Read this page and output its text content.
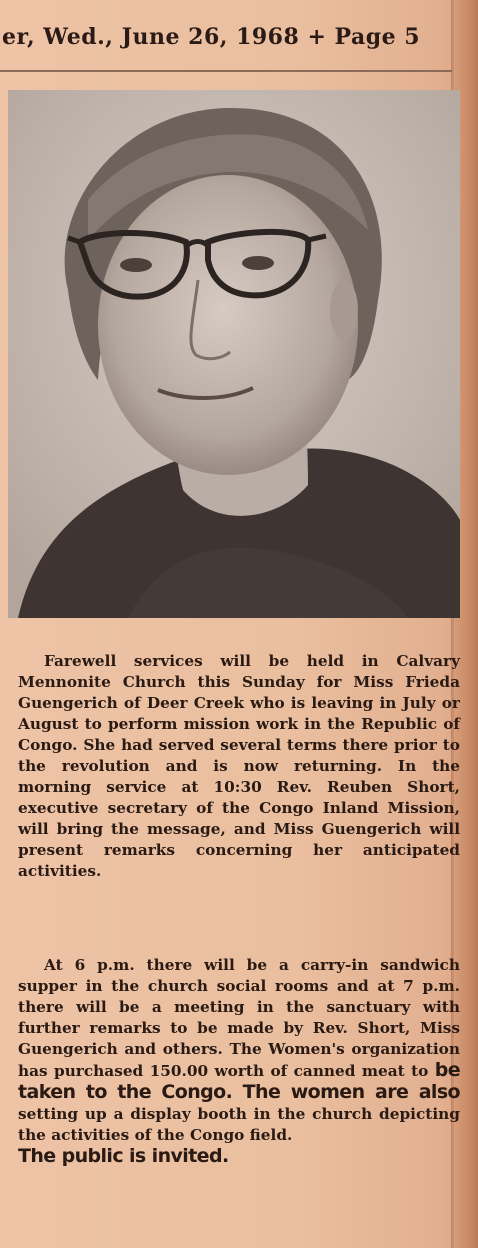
er, Wed., June 26, 1968 + Page 5

Farewell services will be held in Calvary Mennonite Church this Sunday for Miss Frieda Guengerich of Deer Creek who is leaving in July or August to perform mission work in the Republic of Congo. She had served several terms there prior to the revolution and is now returning. In the morning service at 10:30 Rev. Reuben Short, executive secretary of the Congo Inland Mission, will bring the message, and Miss Guengerich will present remarks concerning her anticipated activities.

At 6 p.m. there will be a carry-in sandwich supper in the church social rooms and at 7 p.m. there will be a meeting in the sanctuary with further remarks to be made by Rev. Short, Miss Guengerich and others. The Women's organization has purchased 150.00 worth of canned meat to be taken to the Congo. The women are also setting up a display booth in the church depicting the activities of the Congo field.
The public is invited.
